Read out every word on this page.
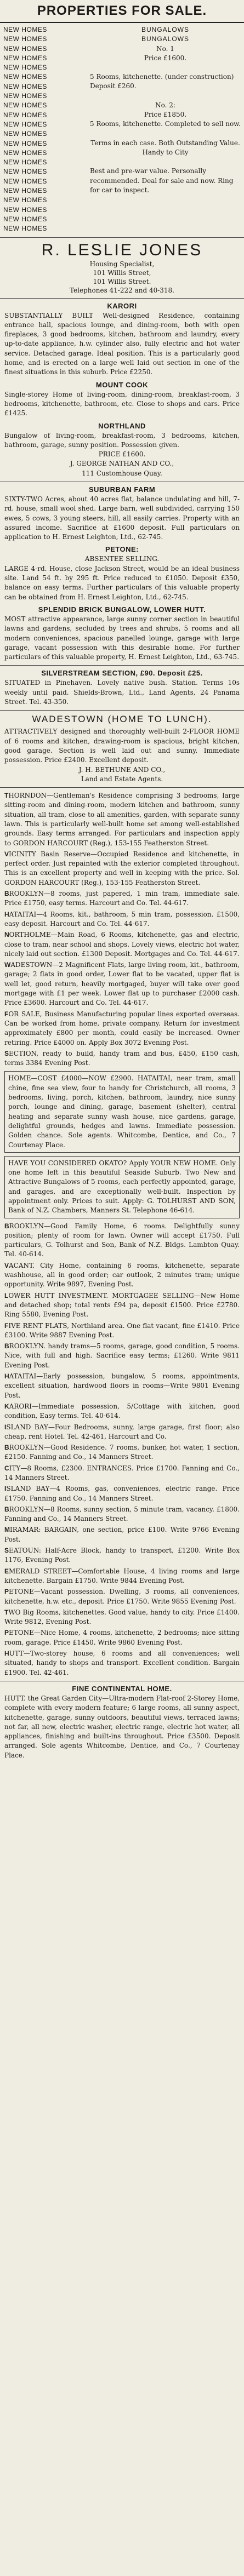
PROPERTIES FOR SALE.
NEW HOMES
NEW HOMES
NEW HOMES
NEW HOMES
NEW HOMES
NEW HOMES
NEW HOMES
NEW HOMES
NEW HOMES
NEW HOMES
NEW HOMES
NEW HOMES
NEW HOMES
NEW HOMES
NEW HOMES
NEW HOMES
NEW HOMES
NEW HOMES
NEW HOMES
NEW HOMES
NEW HOMES
NEW HOMES
BUNGALOWS
BUNGALOWS
No. 1
Price £1600.
5 Rooms, kitchenette. (under construction) Deposit £260.
No. 2:
Price £1850.
5 Rooms, kitchenette. Completed to sell now.
Terms in each case. Both Outstanding Value. Handy to City
Best and pre-war value. Personally recommended. Deal for sale and now. Ring for car to inspect.
R. LESLIE JONES
Housing Specialist,
101 Willis Street,
101 Willis Street.
Telephones 41-222 and 40-318.
KARORI

SUBSTANTIALLY BUILT Well-designed Residence, containing entrance hall, spacious lounge, and dining-room, both with open fireplaces, 3 good bedrooms, kitchen, bathroom and laundry, every up-to-date appliance, h.w. cylinder also, fully electric and hot water service. Detached garage. Ideal position. This is a particularly good home, and is erected on a large well laid out section in one of the finest situations in this suburb. Price £2250.

MOUNT COOK

Single-storey Home of living-room, dining-room, breakfast-room, 3 bedrooms, kitchenette, bathroom, etc. Close to shops and cars. Price £1425.

NORTHLAND

Bungalow of living-room, breakfast-room, 3 bedrooms, kitchen, bathroom, garage, sunny position. Possession given.

PRICE £1600.

J. GEORGE NATHAN AND CO.,

111 Customhouse Quay.

SUBURBAN FARM

SIXTY-TWO Acres, about 40 acres flat, balance undulating and hill, 7-rd. house, small wool shed. Large barn, well subdivided, carrying 150 ewes, 5 cows, 3 young steers, hill, all easily carries. Property with an assured income. Sacrifice at £1600 deposit. Full particulars on application to H. Ernest Leighton, Ltd., 62-745.

PETONE:

ABSENTEE SELLING.

LARGE 4-rd. House, close Jackson Street, would be an ideal business site. Land 54 ft. by 295 ft. Price reduced to £1050. Deposit £350, balance on easy terms. Further particulars of this valuable property can be obtained from H. Ernest Leighton, Ltd., 62-745.

SPLENDID BRICK BUNGALOW, LOWER HUTT.

MOST attractive appearance, large sunny corner section in beautiful lawns and gardens, secluded by trees and shrubs, 5 rooms and all modern conveniences, spacious panelled lounge, garage with large garage, vacant possession with this desirable home. For further particulars of this valuable property, H. Ernest Leighton, Ltd., 63-745.

SILVERSTREAM SECTION, £90. Deposit £25.

SITUATED in Pinehaven. Lovely native bush. Station. Terms 10s weekly until paid. Shields-Brown, Ltd., Land Agents, 24 Panama Street. Tel. 43-350.

WADESTOWN (HOME TO LUNCH).

ATTRACTIVELY designed and thoroughly well-built 2-FLOOR HOME of 6 rooms and kitchen, drawing-room is spacious, bright kitchen, good garage. Section is well laid out and sunny. Immediate possession. Price £2400. Excellent deposit.

J. H. BETHUNE AND CO.,

Land and Estate Agents.

THORNDON—Gentleman's Residence comprising 3 bedrooms, large sitting-room and dining-room, modern kitchen and bathroom, sunny situation, all tram, close to all amenities, garden, with separate sunny lawn. This is particularly well-built home set among well-established grounds. Easy terms arranged. For particulars and inspection apply to GORDON HARCOURT (Reg.), 153-155 Featherston Street.

VICINITY Basin Reserve—Occupied Residence and kitchenette, in perfect order. Just repainted with the exterior completed throughout. This is an excellent property and well in keeping with the price. Sol. GORDON HARCOURT (Reg.), 153-155 Featherston Street.

BROOKLYN—8 rooms, just papered, 1 min tram, immediate sale. Price £1750, easy terms. Harcourt and Co. Tel. 44-617.

HATAITAI—4 Rooms, kit., bathroom, 5 min tram, possession. £1500, easy deposit. Harcourt and Co. Tel. 44-617.

NORTHOLME—Main Road, 6 Rooms, kitchenette, gas and electric, close to tram, near school and shops. Lovely views, electric hot water, nicely laid out section. £1300 Deposit. Mortgages and Co. Tel. 44-617.

WADESTOWN—2 Magnificent Flats, large living room, kit., bathroom, garage; 2 flats in good order, Lower flat to be vacated, upper flat is well let, good return, heavily mortgaged, buyer will take over good mortgage with £1 per week. Lower flat up to purchaser £2000 cash. Price £3600. Harcourt and Co. Tel. 44-617.

FOR SALE, Business Manufacturing popular lines exported overseas. Can be worked from home, private company. Return for investment approximately £800 per month, could easily be increased. Owner retiring. Price £4000 on. Apply Box 3072 Evening Post.

SECTION, ready to build, handy tram and bus, £450, £150 cash, terms 3384 Evening Post.

HOME—COST £4000—NOW £2900. HATAITAI, near tram, small chine, fine sea view, four to handy for Christchurch, all rooms, 3 bedrooms, living, porch, kitchen, bathroom, laundry, nice sunny porch, lounge and dining, garage, basement (shelter), central heating and separate sunny wash house, nice gardens, garage, delightful grounds, hedges and lawns. Immediate possession. Golden chance. Sole agents. Whitcombe, Dentice, and Co., 7 Courtenay Place.

HAVE YOU CONSIDERED OKATO? Apply YOUR NEW HOME. Only one home left in this beautiful Seaside Suburb. Two New and Attractive Bungalows of 5 rooms, each perfectly appointed, garage, and garages, and are exceptionally well-built. Inspection by appointment only. Prices to suit. Apply: G. TOLHURST AND SON, Bank of N.Z. Chambers, Manners St. Telephone 46-614.

BROOKLYN—Good Family Home, 6 rooms. Delightfully sunny position; plenty of room for lawn. Owner will accept £1750. Full particulars, G. Tolhurst and Son, Bank of N.Z. Bldgs. Lambton Quay. Tel. 40-614.

VACANT. City Home, containing 6 rooms, kitchenette, separate washhouse, all in good order; car outlook, 2 minutes tram; unique opportunity. Write 9897, Evening Post.

LOWER HUTT INVESTMENT. MORTGAGEE SELLING—New Home and detached shop; total rents £94 pa, deposit £1500. Price £2780. Ring 5580, Evening Post.

FIVE RENT FLATS, Northland area. One flat vacant, fine £1410. Price £3100. Write 9887 Evening Post.

BROOKLYN. handy trams—5 rooms, garage, good condition, 5 rooms. Nice, with full and high. Sacrifice easy terms; £1260. Write 9811 Evening Post.

HATAITAI—Early possession, bungalow, 5 rooms, appointments, excellent situation, hardwood floors in rooms—Write 9801 Evening Post.

KARORI—Immediate possession, 5/Cottage with kitchen, good condition, Easy terms. Tel. 40-614.

ISLAND BAY—Four Bedrooms, sunny, large garage, first floor; also cheap, rent Hotel. Tel. 42-461, Harcourt and Co.

BROOKLYN—Good Residence. 7 rooms, bunker, hot water, 1 section, £2150. Fanning and Co., 14 Manners Street.

CITY—8 Rooms, £2300. ENTRANCES. Price £1700. Fanning and Co., 14 Manners Street.

ISLAND BAY—4 Rooms, gas, conveniences, electric range. Price £1750. Fanning and Co., 14 Manners Street.

BROOKLYN—8 Rooms, sunny section, 5 minute tram, vacancy. £1800. Fanning and Co., 14 Manners Street.

MIRAMAR: BARGAIN, one section, price £100. Write 9766 Evening Post.

SEATOUN: Half-Acre Block, handy to transport, £1200. Write Box 1176, Evening Post.

EMERALD STREET—Comfortable House, 4 living rooms and large kitchenette. Bargain £1750. Write 9844 Evening Post.

PETONE—Vacant possession. Dwelling, 3 rooms, all conveniences, kitchenette, h.w. etc., deposit. Price £1750. Write 9855 Evening Post.

TWO Big Rooms, kitchenettes. Good value, handy to city. Price £1400. Write 9812, Evening Post.

PETONE—Nice Home, 4 rooms, kitchenette, 2 bedrooms; nice sitting room, garage. Price £1450. Write 9860 Evening Post.

HUTT—Two-storey house, 6 rooms and all conveniences; well situated, handy to shops and transport. Excellent condition. Bargain £1900. Tel. 42-461.

FINE CONTINENTAL HOME.

HUTT. the Great Garden City—Ultra-modern Flat-roof 2-Storey Home, complete with every modern feature; 6 large rooms, all sunny aspect, kitchenette, garage, sunny outdoors, beautiful views, terraced lawns; not far, all new, electric washer, electric range, electric hot water, all appliances, finishing and built-ins throughout. Price £3500. Deposit arranged. Sole agents Whitcombe, Dentice, and Co., 7 Courtenay Place.
